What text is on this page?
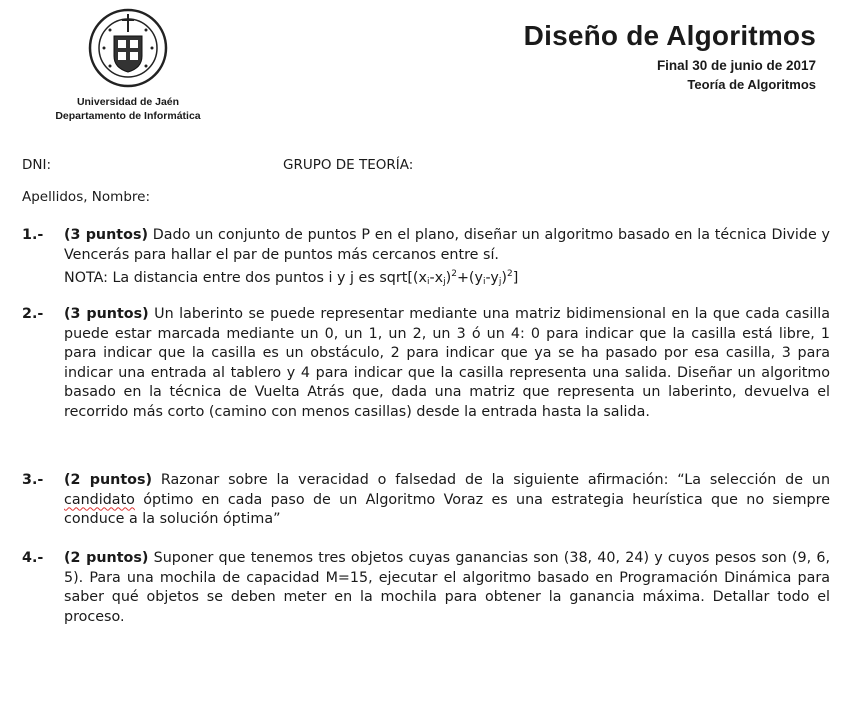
Universidad de Jaén
Departamento de Informática
Diseño de Algoritmos
Final 30 de junio de 2017
Teoría de Algoritmos
DNI:	GRUPO DE TEORÍA:
Apellidos, Nombre:
1.-	(3 puntos) Dado un conjunto de puntos P en el plano, diseñar un algoritmo basado en la técnica Divide y Vencerás para hallar el par de puntos más cercanos entre sí.
NOTA: La distancia entre dos puntos i y j es $sqrt[(x_i-x_j)^2+(y_i-y_j)^2]$
2.-	(3 puntos) Un laberinto se puede representar mediante una matriz bidimensional en la que cada casilla puede estar marcada mediante un 0, un 1, un 2, un 3 ó un 4: 0 para indicar que la casilla está libre, 1 para indicar que la casilla es un obstáculo, 2 para indicar que ya se ha pasado por esa casilla, 3 para indicar una entrada al tablero y 4 para indicar que la casilla representa una salida. Diseñar un algoritmo basado en la técnica de Vuelta Atrás que, dada una matriz que representa un laberinto, devuelva el recorrido más corto (camino con menos casillas) desde la entrada hasta la salida.
3.-	(2 puntos) Razonar sobre la veracidad o falsedad de la siguiente afirmación: “La selección de un candidato óptimo en cada paso de un Algoritmo Voraz es una estrategia heurística que no siempre conduce a la solución óptima”
4.-	(2 puntos) Suponer que tenemos tres objetos cuyas ganancias son (38, 40, 24) y cuyos pesos son (9, 6, 5). Para una mochila de capacidad M=15, ejecutar el algoritmo basado en Programación Dinámica para saber qué objetos se deben meter en la mochila para obtener la ganancia máxima. Detallar todo el proceso.
